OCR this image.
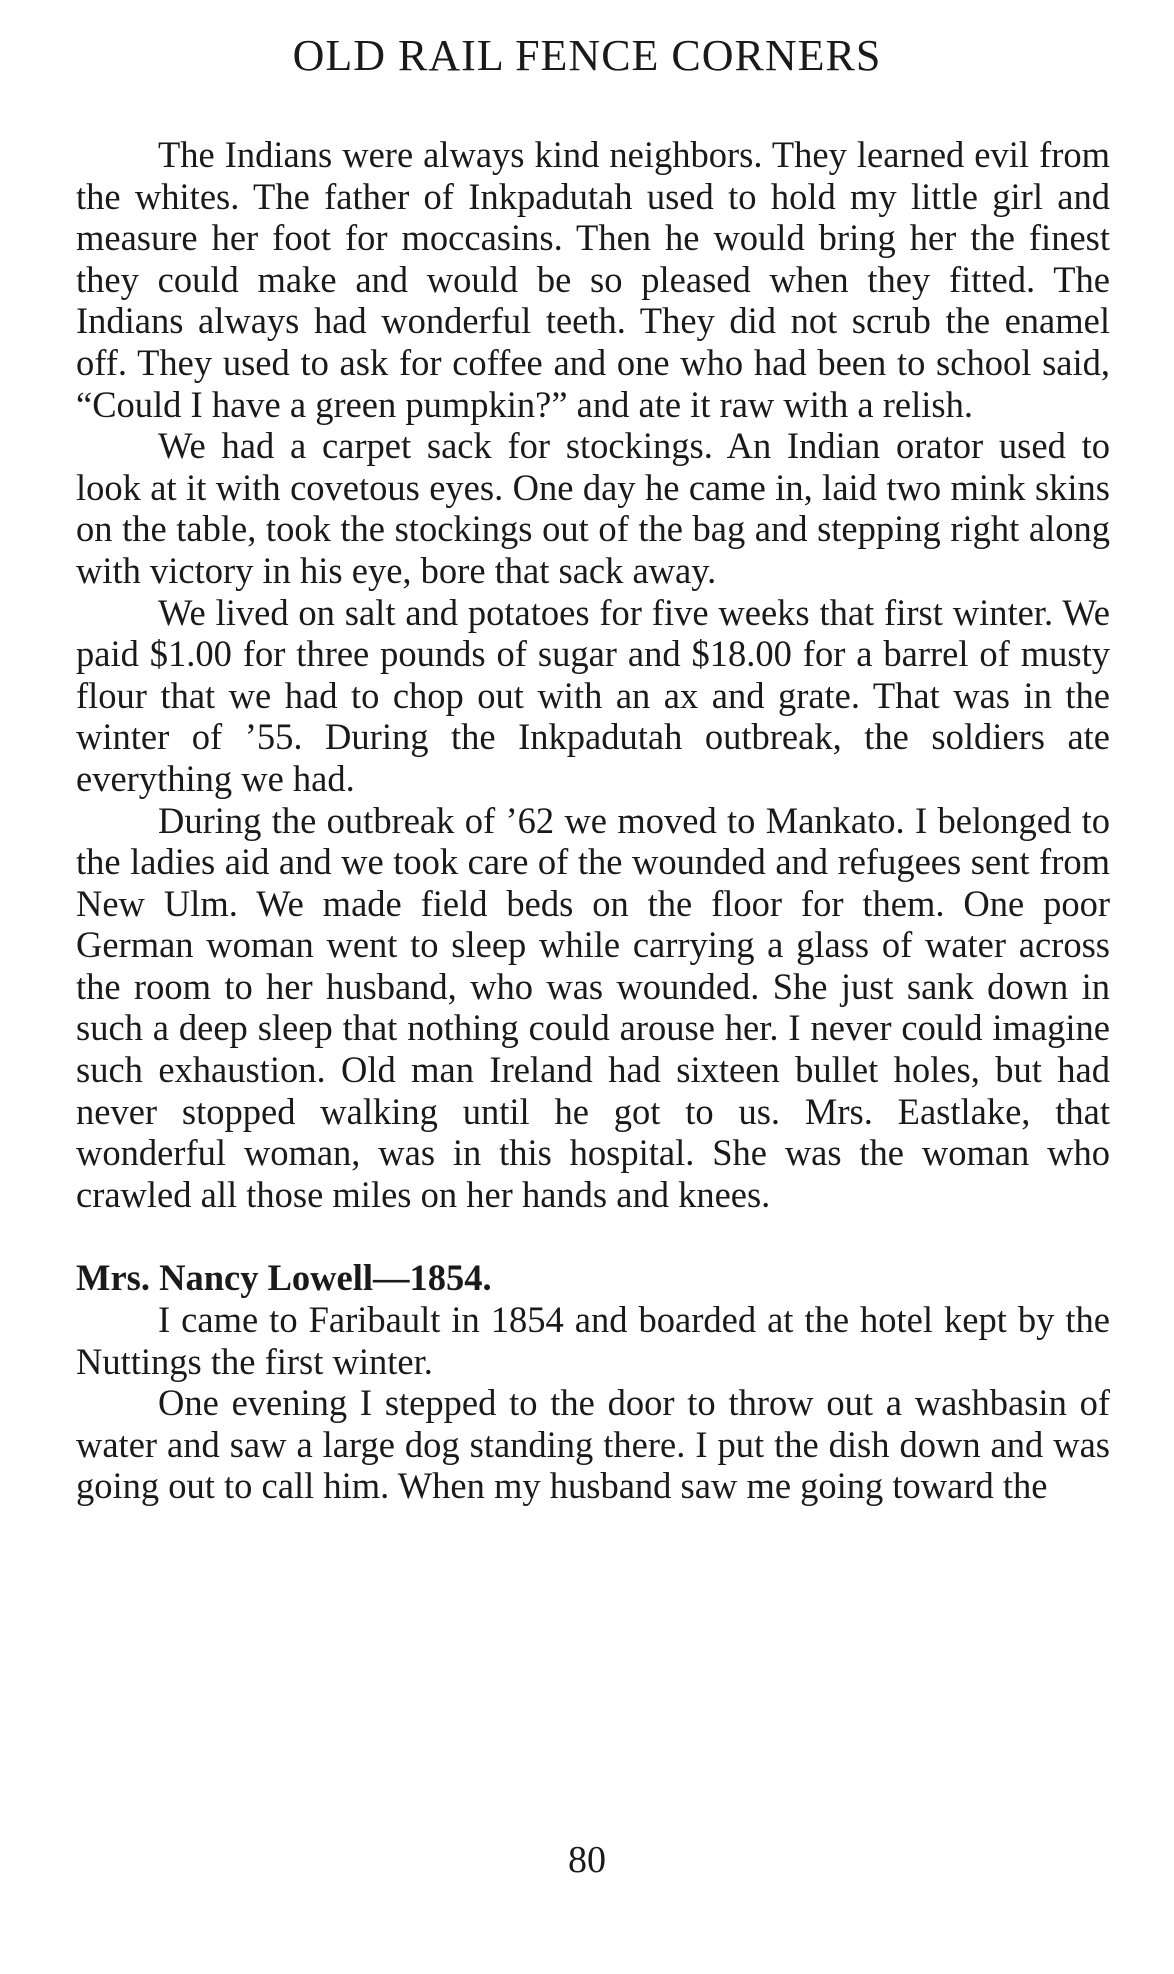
OLD RAIL FENCE CORNERS

The Indians were always kind neighbors. They learned evil from the whites. The father of Inkpadutah used to hold my little girl and measure her foot for moccasins. Then he would bring her the finest they could make and would be so pleased when they fitted. The Indians always had wonderful teeth. They did not scrub the enamel off. They used to ask for coffee and one who had been to school said, “Could I have a green pumpkin?” and ate it raw with a relish.

We had a carpet sack for stockings. An Indian orator used to look at it with covetous eyes. One day he came in, laid two mink skins on the table, took the stockings out of the bag and stepping right along with victory in his eye, bore that sack away.

We lived on salt and potatoes for five weeks that first winter. We paid $1.00 for three pounds of sugar and $18.00 for a barrel of musty flour that we had to chop out with an ax and grate. That was in the winter of ’55. During the Inkpadutah outbreak, the soldiers ate everything we had.

During the outbreak of ’62 we moved to Mankato. I belonged to the ladies aid and we took care of the wounded and refugees sent from New Ulm. We made field beds on the floor for them. One poor German woman went to sleep while carrying a glass of water across the room to her husband, who was wounded. She just sank down in such a deep sleep that nothing could arouse her. I never could imagine such exhaustion. Old man Ireland had sixteen bullet holes, but had never stopped walking until he got to us. Mrs. Eastlake, that wonderful woman, was in this hospital. She was the woman who crawled all those miles on her hands and knees.

Mrs. Nancy Lowell—1854.

I came to Faribault in 1854 and boarded at the hotel kept by the Nuttings the first winter.

One evening I stepped to the door to throw out a washbasin of water and saw a large dog standing there. I put the dish down and was going out to call him. When my husband saw me going toward the

80
